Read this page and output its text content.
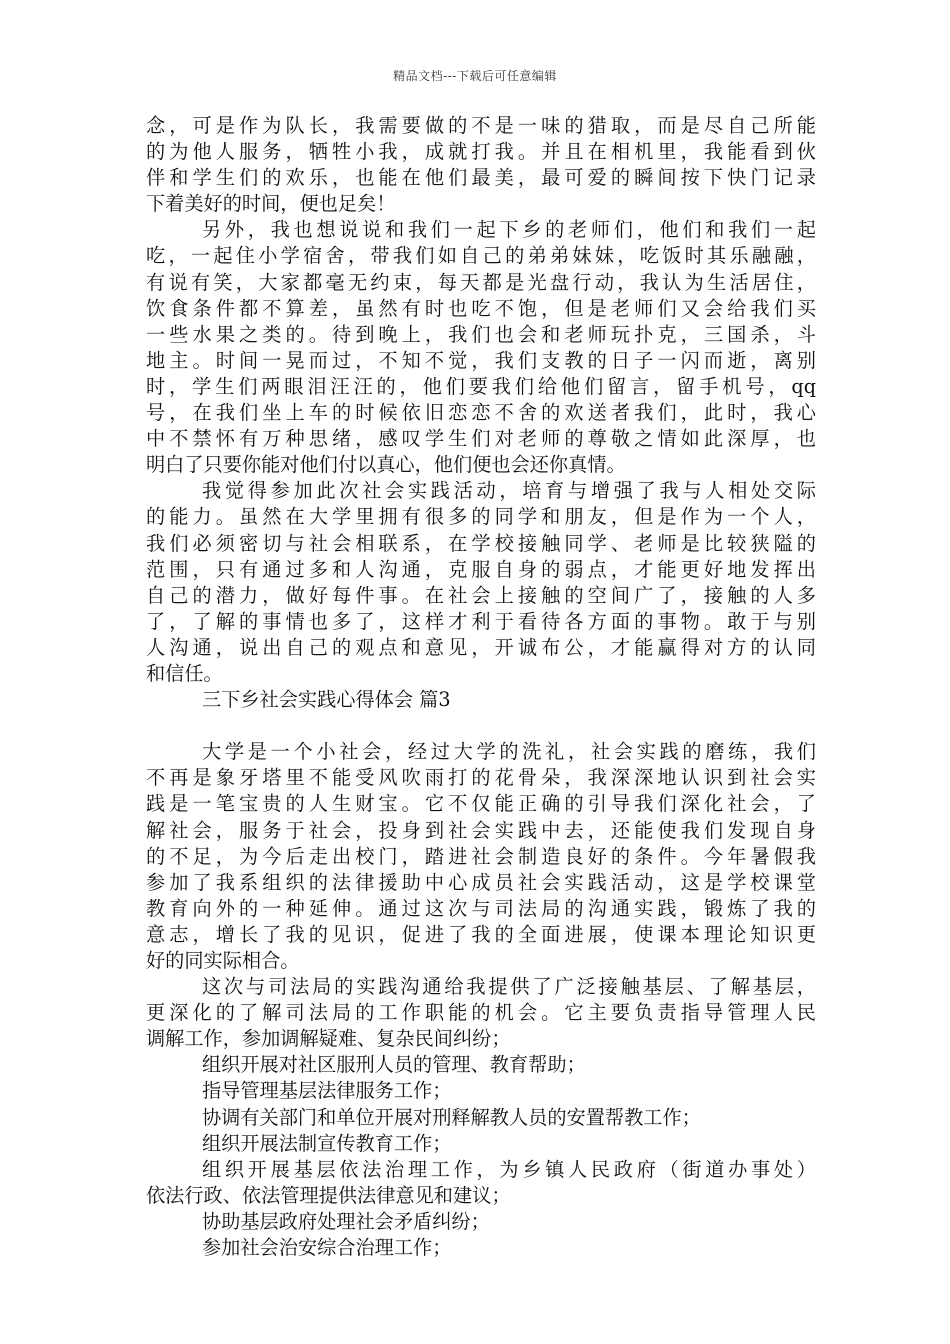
精品文档---下载后可任意编辑
念，可是作为队长，我需要做的不是一味的猎取，而是尽自己所能
的为他人服务，牺牲小我，成就打我。并且在相机里，我能看到伙
伴和学生们的欢乐，也能在他们最美，最可爱的瞬间按下快门记录
下着美好的时间，便也足矣！
另外，我也想说说和我们一起下乡的老师们，他们和我们一起
吃，一起住小学宿舍，带我们如自己的弟弟妹妹，吃饭时其乐融融，
有说有笑，大家都毫无约束，每天都是光盘行动，我认为生活居住，
饮食条件都不算差，虽然有时也吃不饱，但是老师们又会给我们买
一些水果之类的。待到晚上，我们也会和老师玩扑克，三国杀，斗
地主。时间一晃而过，不知不觉，我们支教的日子一闪而逝，离别
时，学生们两眼泪汪汪的，他们要我们给他们留言，留手机号，qq
号，在我们坐上车的时候依旧恋恋不舍的欢送者我们，此时，我心
中不禁怀有万种思绪，感叹学生们对老师的尊敬之情如此深厚，也
明白了只要你能对他们付以真心，他们便也会还你真情。
我觉得参加此次社会实践活动，培育与增强了我与人相处交际
的能力。虽然在大学里拥有很多的同学和朋友，但是作为一个人，
我们必须密切与社会相联系，在学校接触同学、老师是比较狭隘的
范围，只有通过多和人沟通，克服自身的弱点，才能更好地发挥出
自己的潜力，做好每件事。在社会上接触的空间广了，接触的人多
了，了解的事情也多了，这样才利于看待各方面的事物。敢于与别
人沟通，说出自己的观点和意见，开诚布公，才能赢得对方的认同
和信任。
三下乡社会实践心得体会 篇3
大学是一个小社会，经过大学的洗礼，社会实践的磨练，我们
不再是象牙塔里不能受风吹雨打的花骨朵，我深深地认识到社会实
践是一笔宝贵的人生财宝。它不仅能正确的引导我们深化社会，了
解社会，服务于社会，投身到社会实践中去，还能使我们发现自身
的不足，为今后走出校门，踏进社会制造良好的条件。今年暑假我
参加了我系组织的法律援助中心成员社会实践活动，这是学校课堂
教育向外的一种延伸。通过这次与司法局的沟通实践，锻炼了我的
意志，增长了我的见识，促进了我的全面进展，使课本理论知识更
好的同实际相合。
这次与司法局的实践沟通给我提供了广泛接触基层、了解基层，
更深化的了解司法局的工作职能的机会。它主要负责指导管理人民
调解工作，参加调解疑难、复杂民间纠纷；
组织开展对社区服刑人员的管理、教育帮助；
指导管理基层法律服务工作；
协调有关部门和单位开展对刑释解教人员的安置帮教工作；
组织开展法制宣传教育工作；
组织开展基层依法治理工作，为乡镇人民政府（街道办事处）
依法行政、依法管理提供法律意见和建议；
协助基层政府处理社会矛盾纠纷；
参加社会治安综合治理工作；
